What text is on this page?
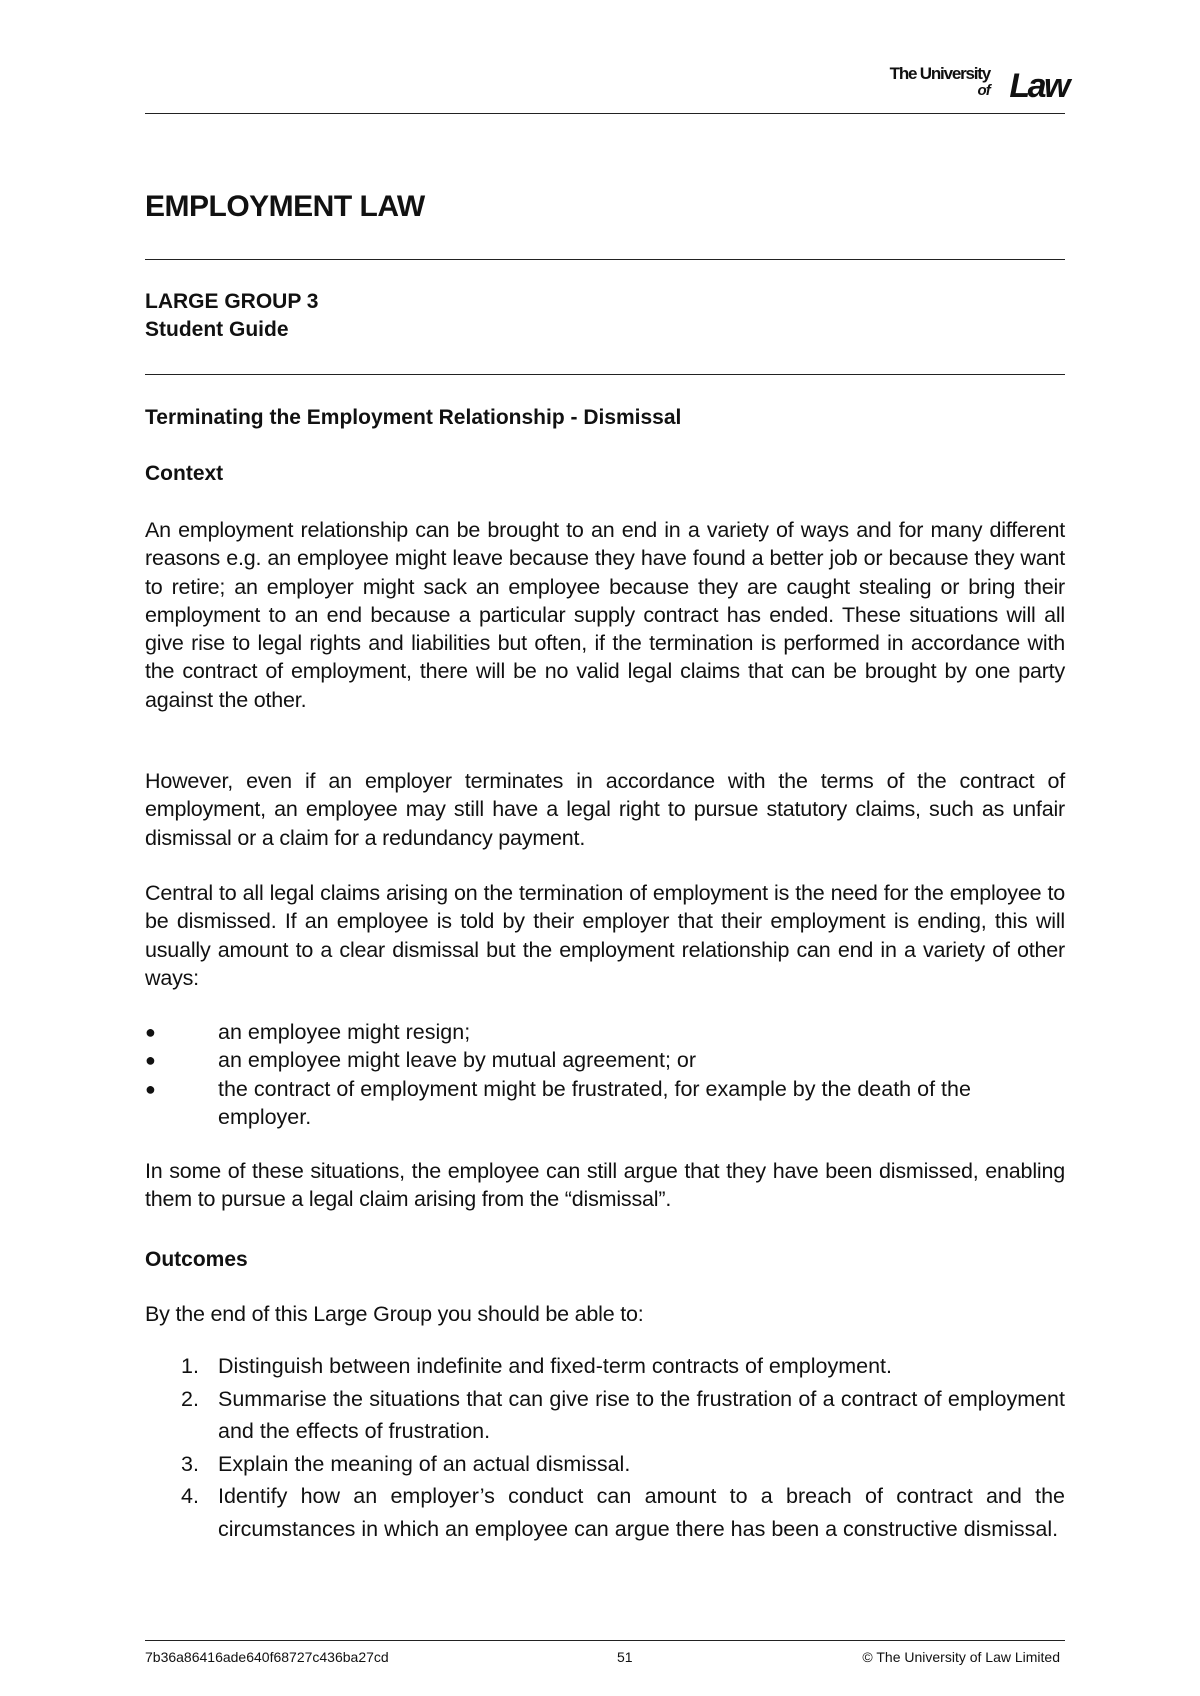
The University
of Law
EMPLOYMENT LAW
LARGE GROUP 3
Student Guide
Terminating the Employment Relationship - Dismissal
Context
An employment relationship can be brought to an end in a variety of ways and for many different reasons e.g. an employee might leave because they have found a better job or because they want to retire; an employer might sack an employee because they are caught stealing or bring their employment to an end because a particular supply contract has ended. These situations will all give rise to legal rights and liabilities but often, if the termination is performed in accordance with the contract of employment, there will be no valid legal claims that can be brought by one party against the other.
However, even if an employer terminates in accordance with the terms of the contract of employment, an employee may still have a legal right to pursue statutory claims, such as unfair dismissal or a claim for a redundancy payment.
Central to all legal claims arising on the termination of employment is the need for the employee to be dismissed. If an employee is told by their employer that their employment is ending, this will usually amount to a clear dismissal but the employment relationship can end in a variety of other ways:
●	an employee might resign;
●	an employee might leave by mutual agreement; or
●	the contract of employment might be frustrated, for example by the death of the employer.
In some of these situations, the employee can still argue that they have been dismissed, enabling them to pursue a legal claim arising from the “dismissal”.
Outcomes
By the end of this Large Group you should be able to:
1. Distinguish between indefinite and fixed-term contracts of employment.
2. Summarise the situations that can give rise to the frustration of a contract of employment and the effects of frustration.
3. Explain the meaning of an actual dismissal.
4. Identify how an employer’s conduct can amount to a breach of contract and the circumstances in which an employee can argue there has been a constructive dismissal.
7b36a86416ade640f68727c436ba27cd	51	© The University of Law Limited
